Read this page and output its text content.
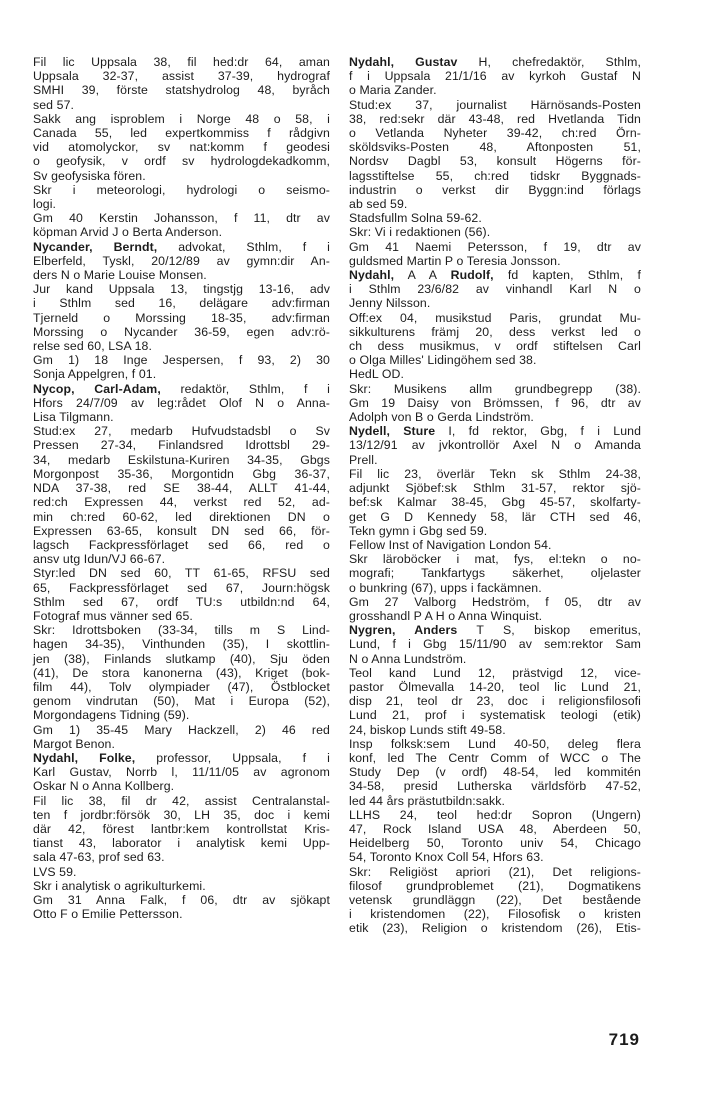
Fil lic Uppsala 38, fil hed:dr 64, aman
Uppsala 32-37, assist 37-39, hydrograf
SMHI 39, förste statshydrolog 48, byråch
sed 57.
Sakk ang isproblem i Norge 48 o 58, i
Canada 55, led expertkommiss f rådgivn
vid atomolyckor, sv nat:komm f geodesi
o geofysik, v ordf sv hydrologdekadkomm,
Sv geofysiska fören.
Skr i meteorologi, hydrologi o seismo-
logi.
Gm 40 Kerstin Johansson, f 11, dtr av
köpman Arvid J o Berta Anderson.
Nycander, Berndt, advokat, Sthlm, f i
Elberfeld, Tyskl, 20/12/89 av gymn:dir An-
ders N o Marie Louise Monsen.
Jur kand Uppsala 13, tingstjg 13-16, adv
i Sthlm sed 16, delägare adv:firman
Tjerneld o Morssing 18-35, adv:firman
Morssing o Nycander 36-59, egen adv:rö-
relse sed 60, LSA 18.
Gm 1) 18 Inge Jespersen, f 93, 2) 30
Sonja Appelgren, f 01.
Nycop, Carl-Adam, redaktör, Sthlm, f i
Hfors 24/7/09 av leg:rådet Olof N o Anna-
Lisa Tilgmann.
Stud:ex 27, medarb Hufvudstadsbl o Sv
Pressen 27-34, Finlandsred Idrottsbl 29-
34, medarb Eskilstuna-Kuriren 34-35, Gbgs
Morgonpost 35-36, Morgontidn Gbg 36-37,
NDA 37-38, red SE 38-44, ALLT 41-44,
red:ch Expressen 44, verkst red 52, ad-
min ch:red 60-62, led direktionen DN o
Expressen 63-65, konsult DN sed 66, för-
lagsch Fackpressförlaget sed 66, red o
ansv utg Idun/VJ 66-67.
Styr:led DN sed 60, TT 61-65, RFSU sed
65, Fackpressförlaget sed 67, Journ:högsk
Sthlm sed 67, ordf TU:s utbildn:nd 64,
Fotograf mus vänner sed 65.
Skr: Idrottsboken (33-34, tills m S Lind-
hagen 34-35), Vinthunden (35), I skottlin-
jen (38), Finlands slutkamp (40), Sju öden
(41), De stora kanonerna (43), Kriget (bok-
film 44), Tolv olympiader (47), Östblocket
genom vindrutan (50), Mat i Europa (52),
Morgondagens Tidning (59).
Gm 1) 35-45 Mary Hackzell, 2) 46 red
Margot Benon.
Nydahl, Folke, professor, Uppsala, f i
Karl Gustav, Norrb l, 11/11/05 av agronom
Oskar N o Anna Kollberg.
Fil lic 38, fil dr 42, assist Centralanstal-
ten f jordbr:försök 30, LH 35, doc i kemi
där 42, förest lantbr:kem kontrollstat Kris-
tianst 43, laborator i analytisk kemi Upp-
sala 47-63, prof sed 63.
LVS 59.
Skr i analytisk o agrikulturkemi.
Gm 31 Anna Falk, f 06, dtr av sjökapt
Otto F o Emilie Pettersson.
Nydahl, Gustav H, chefredaktör, Sthlm,
f i Uppsala 21/1/16 av kyrkoh Gustaf N
o Maria Zander.
Stud:ex 37, journalist Härnösands-Posten
38, red:sekr där 43-48, red Hvetlanda Tidn
o Vetlanda Nyheter 39-42, ch:red Örn-
sköldsviks-Posten 48, Aftonposten 51,
Nordsv Dagbl 53, konsult Högerns för-
lagsstiftelse 55, ch:red tidskr Byggnads-
industrin o verkst dir Byggn:ind förlags
ab sed 59.
Stadsfullm Solna 59-62.
Skr: Vi i redaktionen (56).
Gm 41 Naemi Petersson, f 19, dtr av
guldsmed Martin P o Teresia Jonsson.
Nydahl, A A Rudolf, fd kapten, Sthlm, f
i Sthlm 23/6/82 av vinhandl Karl N o
Jenny Nilsson.
Off:ex 04, musikstud Paris, grundat Mu-
sikkulturens främj 20, dess verkst led o
ch dess musikmus, v ordf stiftelsen Carl
o Olga Milles' Lidingöhem sed 38.
HedL OD.
Skr: Musikens allm grundbegrepp (38).
Gm 19 Daisy von Brömssen, f 96, dtr av
Adolph von B o Gerda Lindström.
Nydell, Sture I, fd rektor, Gbg, f i Lund
13/12/91 av jvkontrollör Axel N o Amanda
Prell.
Fil lic 23, överlär Tekn sk Sthlm 24-38,
adjunkt Sjöbef:sk Sthlm 31-57, rektor sjö-
bef:sk Kalmar 38-45, Gbg 45-57, skolfarty-
get G D Kennedy 58, lär CTH sed 46,
Tekn gymn i Gbg sed 59.
Fellow Inst of Navigation London 54.
Skr läroböcker i mat, fys, el:tekn o no-
mografi; Tankfartygs säkerhet, oljelaster
o bunkring (67), upps i fackämnen.
Gm 27 Valborg Hedström, f 05, dtr av
grosshandl P A H o Anna Winquist.
Nygren, Anders T S, biskop emeritus,
Lund, f i Gbg 15/11/90 av sem:rektor Sam
N o Anna Lundström.
Teol kand Lund 12, prästvigd 12, vice-
pastor Ölmevalla 14-20, teol lic Lund 21,
disp 21, teol dr 23, doc i religionsfilosofi
Lund 21, prof i systematisk teologi (etik)
24, biskop Lunds stift 49-58.
Insp folksk:sem Lund 40-50, deleg flera
konf, led The Centr Comm of WCC o The
Study Dep (v ordf) 48-54, led kommitén
34-58, presid Lutherska världsförb 47-52,
led 44 års prästutbildn:sakk.
LLHS 24, teol hed:dr Sopron (Ungern)
47, Rock Island USA 48, Aberdeen 50,
Heidelberg 50, Toronto univ 54, Chicago
54, Toronto Knox Coll 54, Hfors 63.
Skr: Religiöst apriori (21), Det religions-
filosof grundproblemet (21), Dogmatikens
vetensk grundläggn (22), Det bestående
i kristendomen (22), Filosofisk o kristen
etik (23), Religion o kristendom (26), Etis-
719
